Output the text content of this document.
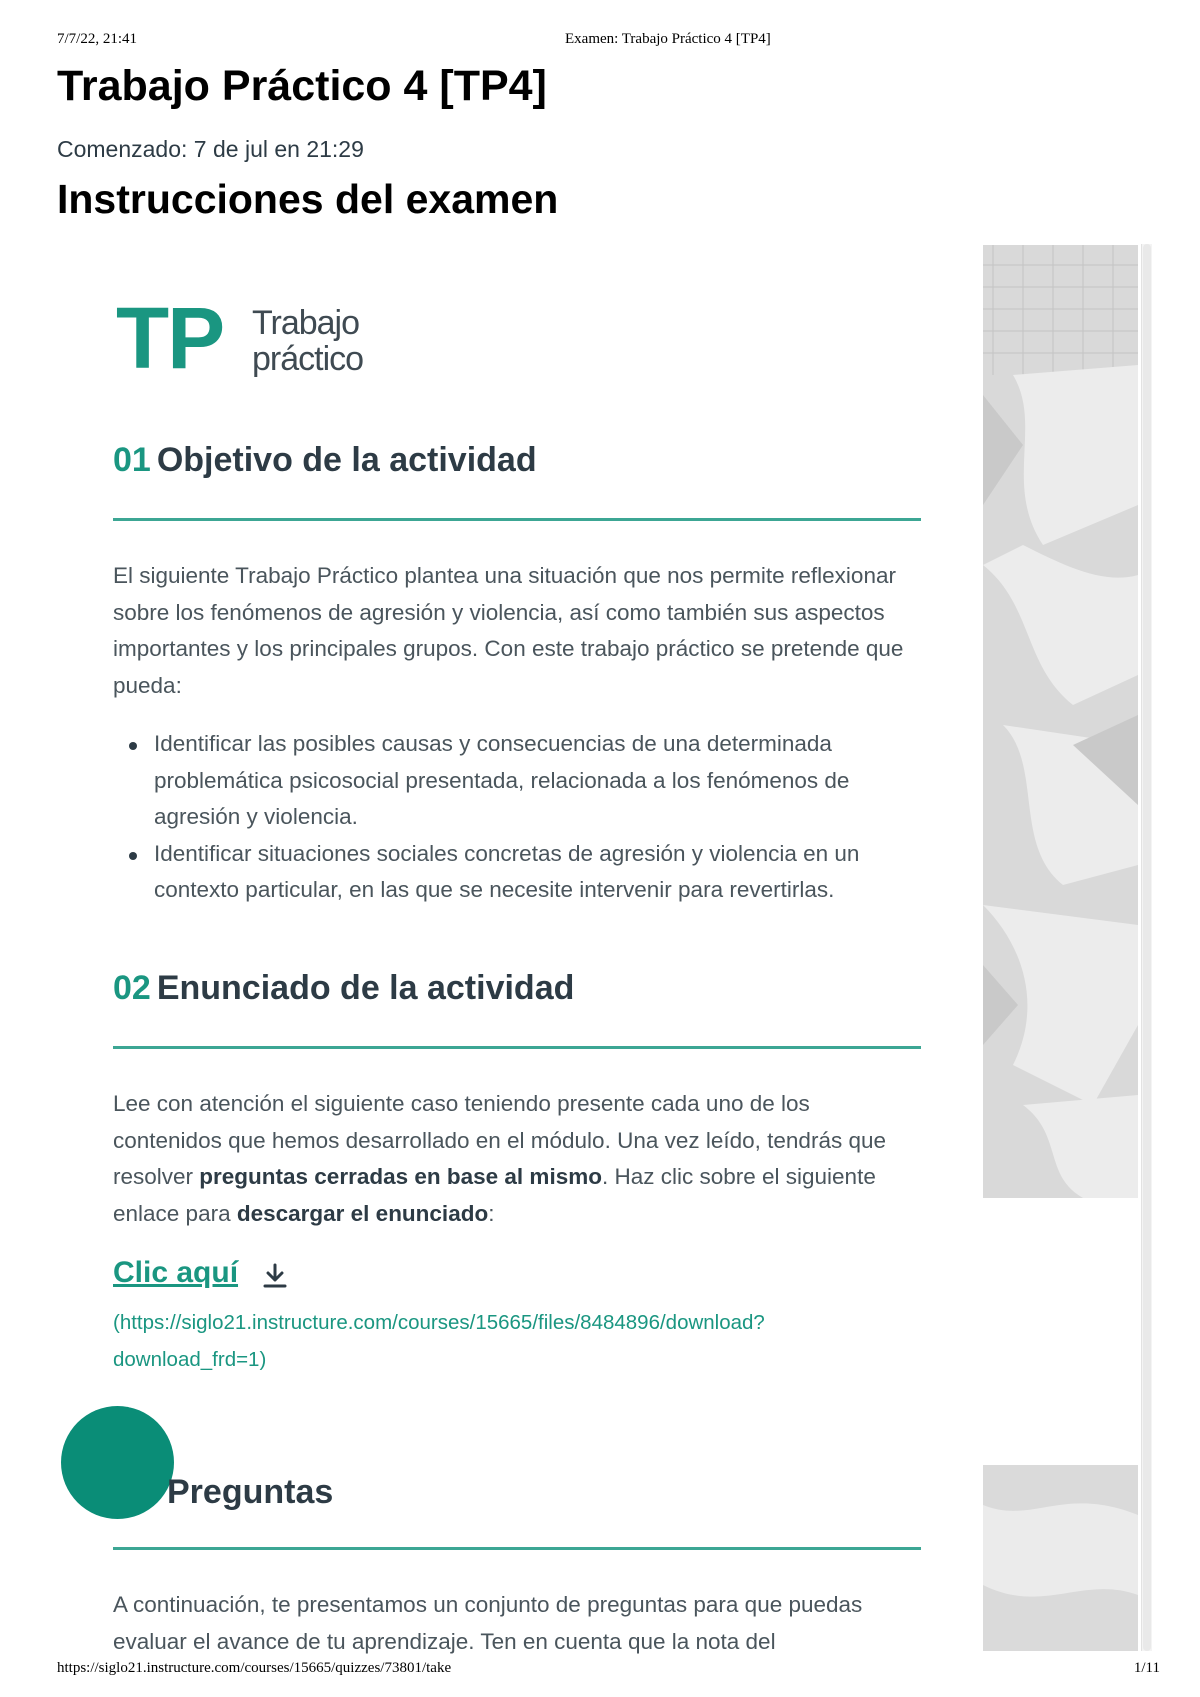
7/7/22, 21:41	Examen: Trabajo Práctico 4 [TP4]
Trabajo Práctico 4 [TP4]
Comenzado: 7 de jul en 21:29
Instrucciones del examen
TP Trabajo
práctico
01 Objetivo de la actividad

El siguiente Trabajo Práctico plantea una situación que nos permite reflexionar sobre los fenómenos de agresión y violencia, así como también sus aspectos importantes y los principales grupos. Con este trabajo práctico se pretende que pueda:

Identificar las posibles causas y consecuencias de una determinada problemática psicosocial presentada, relacionada a los fenómenos de agresión y violencia.
Identificar situaciones sociales concretas de agresión y violencia en un contexto particular, en las que se necesite intervenir para revertirlas.
02 Enunciado de la actividad

Lee con atención el siguiente caso teniendo presente cada uno de los contenidos que hemos desarrollado en el módulo. Una vez leído, tendrás que resolver preguntas cerradas en base al mismo. Haz clic sobre el siguiente enlace para descargar el enunciado:

Clic aquí
(https://siglo21.instructure.com/courses/15665/files/8484896/download?download_frd=1)
Preguntas

A continuación, te presentamos un conjunto de preguntas para que puedas evaluar el avance de tu aprendizaje. Ten en cuenta que la nota del

https://siglo21.instructure.com/courses/15665/quizzes/73801/take	1/11
